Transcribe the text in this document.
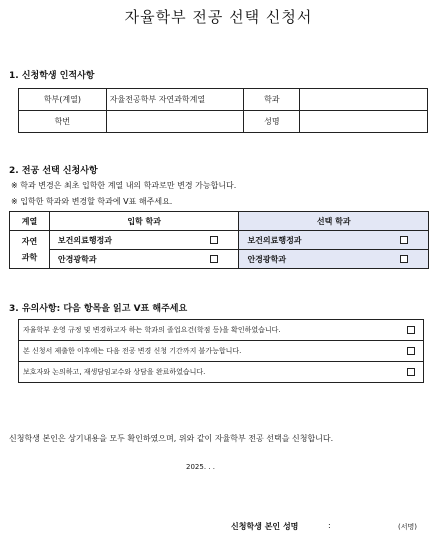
자율학부 전공 선택 신청서
1. 신청학생 인적사항
학부(계열)	자율전공학부 자연과학계열	학과	
학번		성명	
2. 전공 선택 신청사항
※ 학과 변경은 최초 입학한 계열 내의 학과로만 변경 가능합니다.
※ 입학한 학과와 변경할 학과에 V표 해주세요.
계열	입학 학과	선택 학과

자연
과학	보건의료행정과	보건의료행정과

	안경광학과	안경광학과
3. 유의사항: 다음 항목을 읽고 V표 해주세요
자율학부 운영 규정 및 변경하고자 하는 학과의 졸업요건(학점 등)을 확인하였습니다.

본 신청서 제출한 이후에는 다음 전공 변경 신청 기간까지 불가능합니다.

보호자와 논의하고, 재생담임교수와 상담을 완료하였습니다.
신청학생 본인은 상기내용을 모두 확인하였으며, 위와 같이 자율학부 전공 선택을 신청합니다.
2025. . .
신청학생 본인 성명	:	(서명)
